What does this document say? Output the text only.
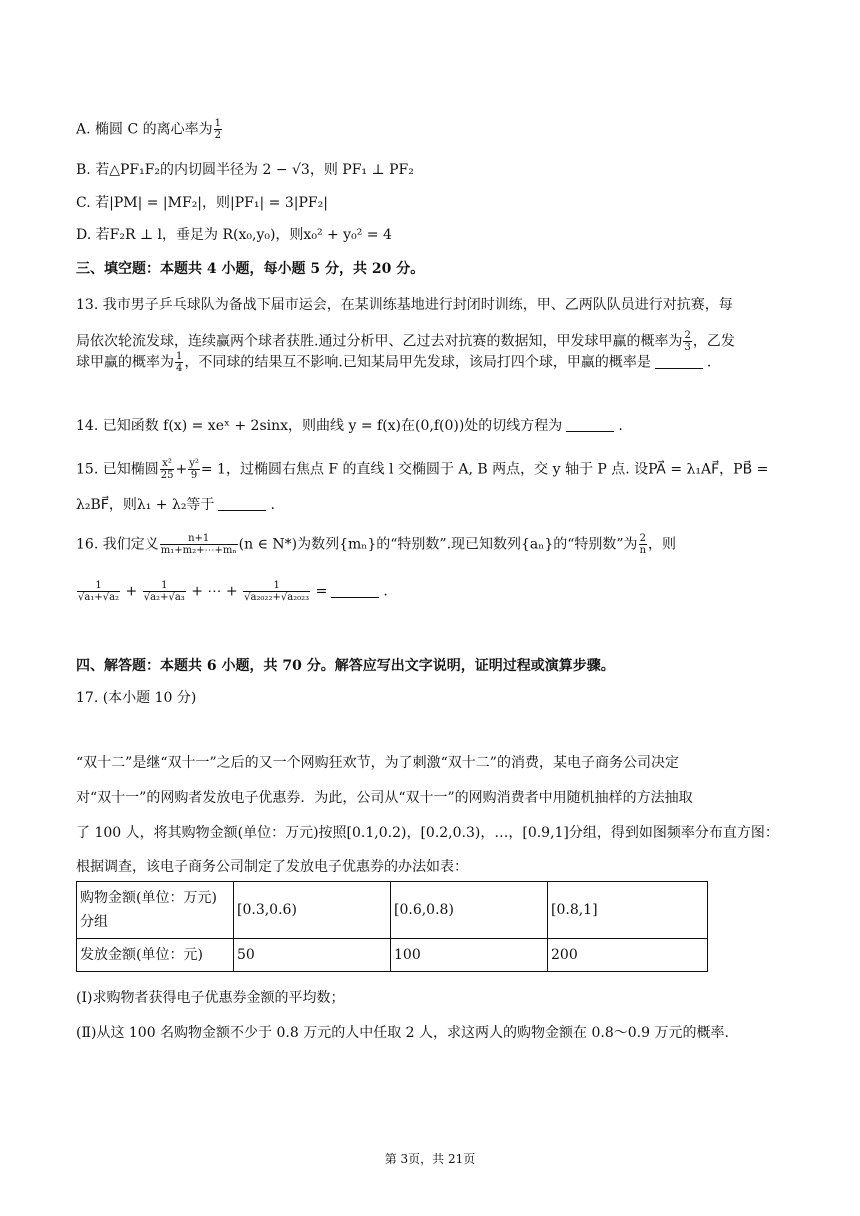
A. 椭圆 C 的离心率为 $\frac{1}{2}$
B. 若△PF₁F₂的内切圆半径为 2 − √3，则 PF₁ ⊥ PF₂
C. 若|PM| = |MF₂|，则|PF₁| = 3|PF₂|
D. 若F₂R ⊥ l，垂足为 R(x₀,y₀)，则x₀² + y₀² = 4
三、填空题：本题共 4 小题，每小题 5 分，共 20 分。
13. 我市男子乒乓球队为备战下届市运会，在某训练基地进行封闭时训练，甲、乙两队队员进行对抗赛，每
局依次轮流发球，连续赢两个球者获胜.通过分析甲、乙过去对抗赛的数据知，甲发球甲赢的概率为 $\frac{2}{3}$ ，乙发
球甲赢的概率为 $\frac{1}{4}$ ，不同球的结果互不影响.已知某局甲先发球，该局打四个球，甲赢的概率是	.
14. 已知函数 f(x) = xeˣ + 2sinx，则曲线 y = f(x)在(0,f(0))处的切线方程为	.
15. 已知椭圆 $\frac{\text{x²}}{25} + \frac{\text{y²}}{9} = 1$，过椭圆右焦点 F 的直线 l 交椭圆于 A, B 两点，交 y 轴于 P 点. 设PA⃗ = λ₁AF⃗，PB⃗ =
λ₂BF⃗，则λ₁ + λ₂等于	.
16. 我们定义 $\frac{n+1}{\text{m₁+m₂+⋯+mₙ}} (n$ ∈ N*)为数列{mₙ}的“特别数”.现已知数列{aₙ}的“特别数”为 $\frac{2}{n}$ ，则
$\frac{1}{\text{√a₁+√a₂}} + \frac{1}{\text{√a₂+√a₃}}$ + ⋯ + $\frac{1}{\text{√a₂₀₂₂+√a₂₀₂₃}}$ =	.
四、解答题：本题共 6 小题，共 70 分。解答应写出文字说明，证明过程或演算步骤。
17. (本小题 10 分)
“双十二”是继“双十一”之后的又一个网购狂欢节，为了刺激“双十二”的消费，某电子商务公司决定
对“双十一”的网购者发放电子优惠券．为此，公司从“双十一”的网购消费者中用随机抽样的方法抽取
了 100 人，将其购物金额(单位：万元)按照[0.1,0.2)，[0.2,0.3)，…，[0.9,1]分组，得到如图频率分布直方图：
根据调查，该电子商务公司制定了发放电子优惠券的办法如表：
购物金额(单位：万元)
分组	[0.3,0.6)	[0.6,0.8)	[0.8,1]
发放金额(单位：元)	50	100	200
(Ⅰ)求购物者获得电子优惠券金额的平均数；
(Ⅱ)从这 100 名购物金额不少于 0.8 万元的人中任取 2 人，求这两人的购物金额在 0.8～0.9 万元的概率.
第 3页，共 21页
